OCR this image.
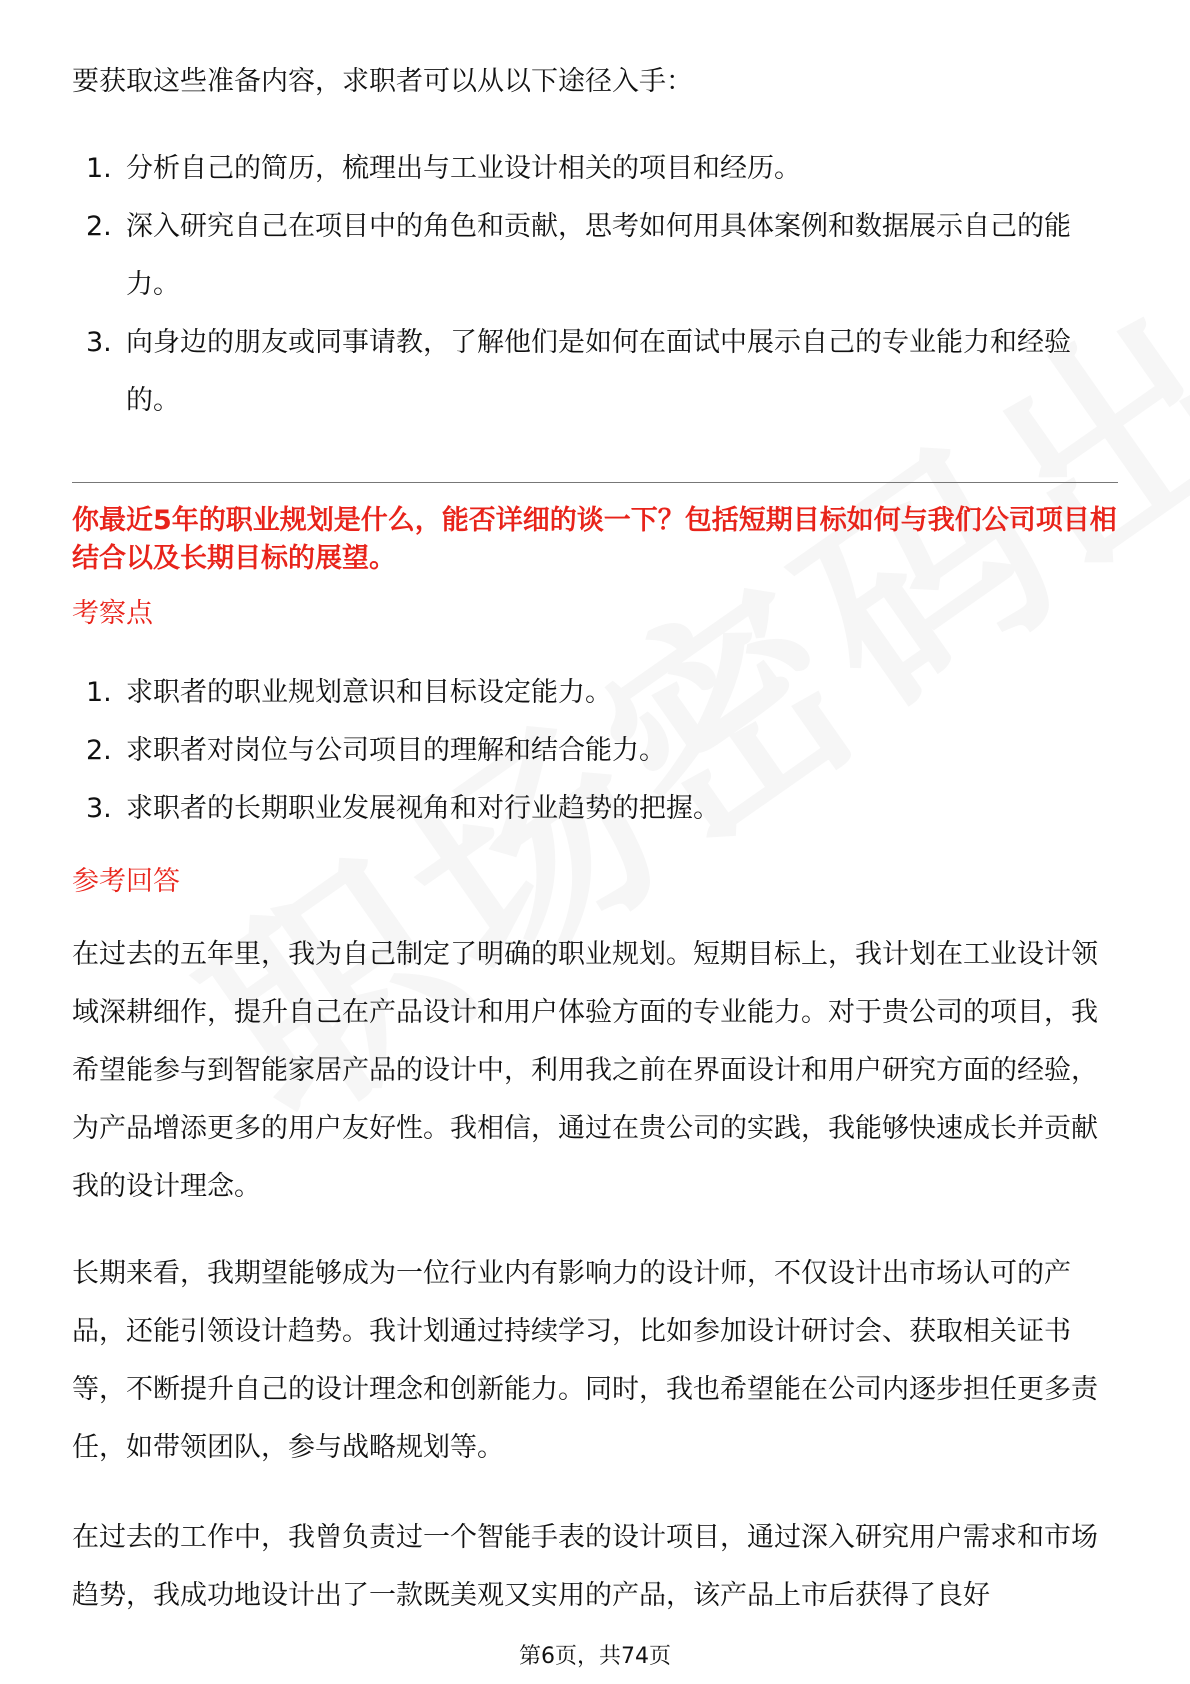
要获取这些准备内容，求职者可以从以下途径入手：

1. 分析自己的简历，梳理出与工业设计相关的项目和经历。
2. 深入研究自己在项目中的角色和贡献，思考如何用具体案例和数据展示自己的能力。
3. 向身边的朋友或同事请教，了解他们是如何在面试中展示自己的专业能力和经验的。

你最近5年的职业规划是什么，能否详细的谈一下？包括短期目标如何与我们公司项目相结合以及长期目标的展望。

考察点
1. 求职者的职业规划意识和目标设定能力。
2. 求职者对岗位与公司项目的理解和结合能力。
3. 求职者的长期职业发展视角和对行业趋势的把握。
参考回答

在过去的五年里，我为自己制定了明确的职业规划。短期目标上，我计划在工业设计领域深耕细作，提升自己在产品设计和用户体验方面的专业能力。对于贵公司的项目，我希望能参与到智能家居产品的设计中，利用我之前在界面设计和用户研究方面的经验，为产品增添更多的用户友好性。我相信，通过在贵公司的实践，我能够快速成长并贡献我的设计理念。

长期来看，我期望能够成为一位行业内有影响力的设计师，不仅设计出市场认可的产品，还能引领设计趋势。我计划通过持续学习，比如参加设计研讨会、获取相关证书等，不断提升自己的设计理念和创新能力。同时，我也希望能在公司内逐步担任更多责任，如带领团队，参与战略规划等。

在过去的工作中，我曾负责过一个智能手表的设计项目，通过深入研究用户需求和市场趋势，我成功地设计出了一款既美观又实用的产品，该产品上市后获得了良好

第6页，共74页
